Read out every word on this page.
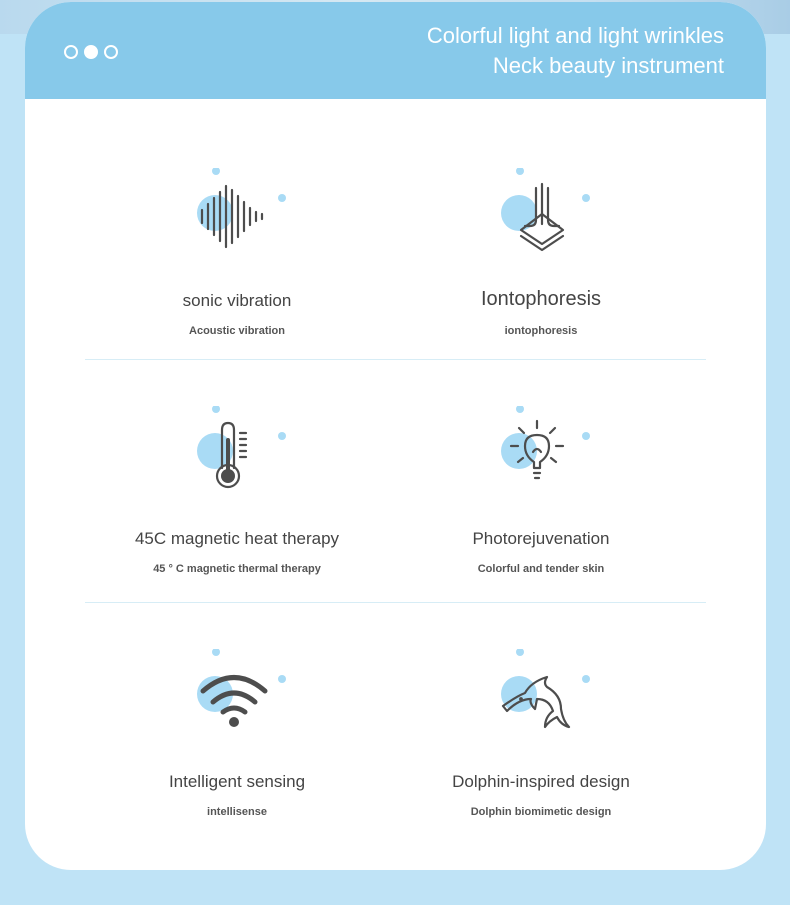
Colorful light and light wrinkles
Neck beauty instrument
sonic vibration
Acoustic vibration
Iontophoresis
iontophoresis
45C magnetic heat therapy
45 ° C magnetic thermal therapy
Photorejuvenation
Colorful and tender skin
Intelligent sensing
intellisense
Dolphin-inspired design
Dolphin biomimetic design
